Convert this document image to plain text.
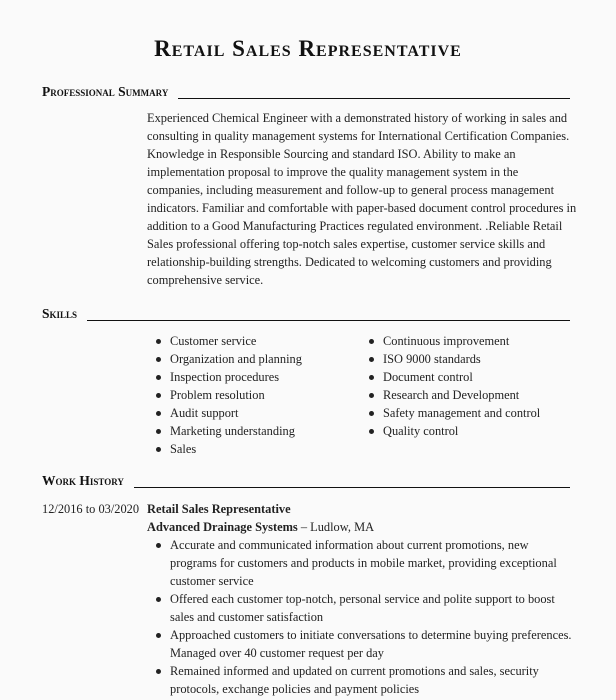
Retail Sales Representative
Professional Summary
Experienced Chemical Engineer with a demonstrated history of working in sales and consulting in quality management systems for International Certification Companies. Knowledge in Responsible Sourcing and standard ISO. Ability to make an implementation proposal to improve the quality management system in the companies, including measurement and follow-up to general process management indicators. Familiar and comfortable with paper-based document control procedures in addition to a Good Manufacturing Practices regulated environment. .Reliable Retail Sales professional offering top-notch sales expertise, customer service skills and relationship-building strengths. Dedicated to welcoming customers and providing comprehensive service.
Skills
Customer service
Organization and planning
Inspection procedures
Problem resolution
Audit support
Marketing understanding
Sales
Continuous improvement
ISO 9000 standards
Document control
Research and Development
Safety management and control
Quality control
Work History
12/2016 to 03/2020 Retail Sales Representative
Advanced Drainage Systems – Ludlow, MA
Accurate and communicated information about current promotions, new programs for customers and products in mobile market, providing exceptional customer service
Offered each customer top-notch, personal service and polite support to boost sales and customer satisfaction
Approached customers to initiate conversations to determine buying preferences. Managed over 40 customer request per day
Remained informed and updated on current promotions and sales, security protocols, exchange policies and payment policies
